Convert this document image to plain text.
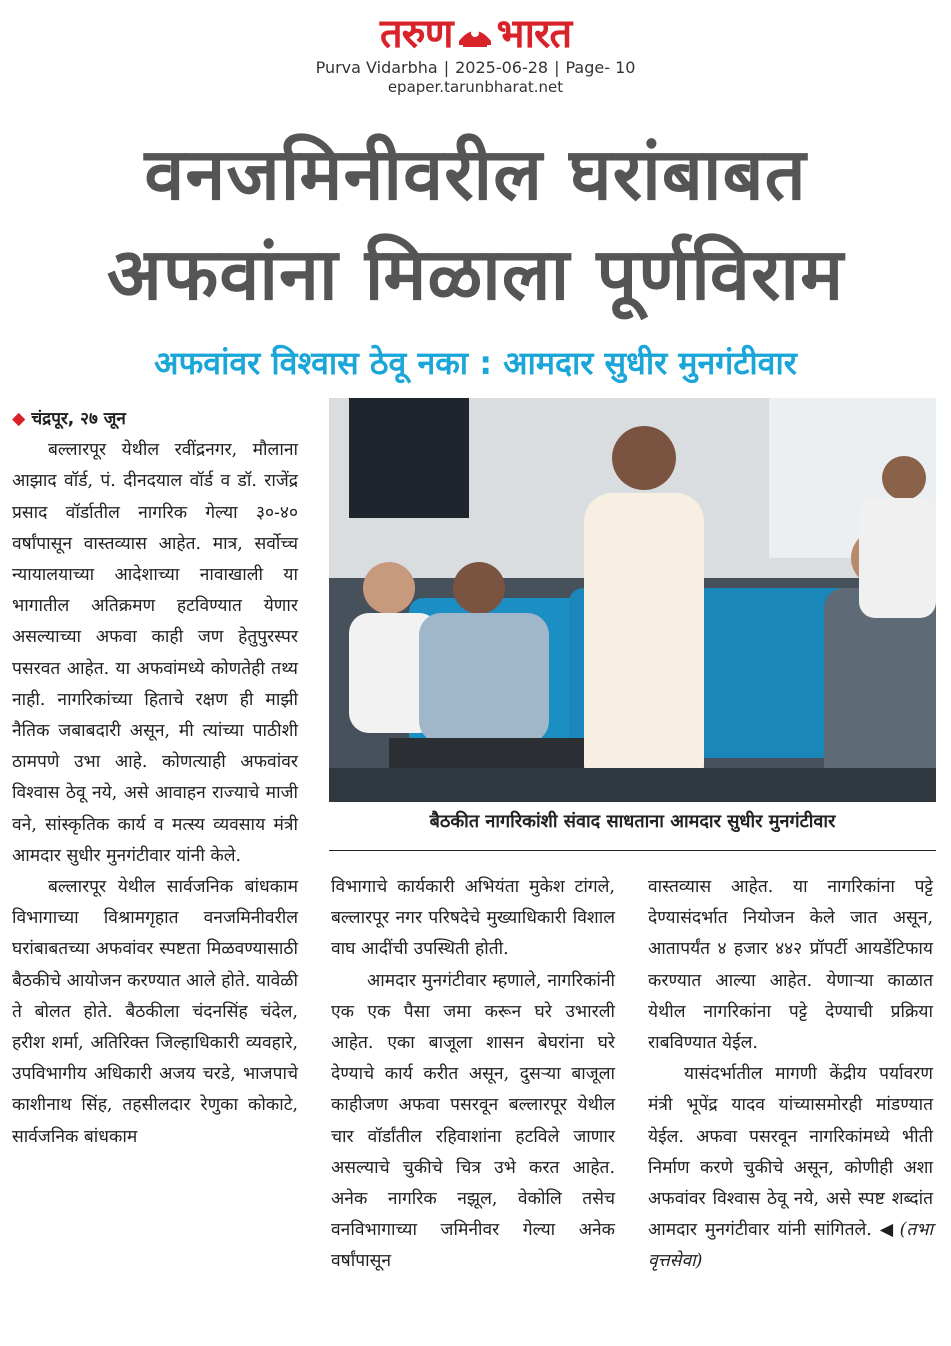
तरुण भारत
Purva Vidarbha | 2025-06-28 | Page- 10
epaper.tarunbharat.net
वनजमिनीवरील घरांबाबत
अफवांना मिळाला पूर्णविराम
अफवांवर विश्वास ठेवू नका : आमदार सुधीर मुनगंटीवार

◆ चंद्रपूर, २७ जून

बल्लारपूर येथील रवींद्रनगर, मौलाना आझाद वॉर्ड, पं. दीनदयाल वॉर्ड व डॉ. राजेंद्र प्रसाद वॉर्डातील नागरिक गेल्या ३०-४० वर्षांपासून वास्तव्यास आहेत. मात्र, सर्वोच्च न्यायालयाच्या आदेशाच्या नावाखाली या भागातील अतिक्रमण हटविण्यात येणार असल्याच्या अफवा काही जण हेतुपुरस्पर पसरवत आहेत. या अफवांमध्ये कोणतेही तथ्य नाही. नागरिकांच्या हिताचे रक्षण ही माझी नैतिक जबाबदारी असून, मी त्यांच्या पाठीशी ठामपणे उभा आहे. कोणत्याही अफवांवर विश्वास ठेवू नये, असे आवाहन राज्याचे माजी वने, सांस्कृतिक कार्य व मत्स्य व्यवसाय मंत्री आमदार सुधीर मुनगंटीवार यांनी केले.

बल्लारपूर येथील सार्वजनिक बांधकाम विभागाच्या विश्रामगृहात वनजमिनीवरील घरांबाबतच्या अफवांवर स्पष्टता मिळवण्यासाठी बैठकीचे आयोजन करण्यात आले होते. यावेळी ते बोलत होते. बैठकीला चंदनसिंह चंदेल, हरीश शर्मा, अतिरिक्त जिल्हाधिकारी व्यवहारे, उपविभागीय अधिकारी अजय चरडे, भाजपाचे काशीनाथ सिंह, तहसीलदार रेणुका कोकाटे, सार्वजनिक बांधकाम

बैठकीत नागरिकांशी संवाद साधताना आमदार सुधीर मुनगंटीवार

विभागाचे कार्यकारी अभियंता मुकेश टांगले, बल्लारपूर नगर परिषदेचे मुख्याधिकारी विशाल वाघ आदींची उपस्थिती होती.

आमदार मुनगंटीवार म्हणाले, नागरिकांनी एक एक पैसा जमा करून घरे उभारली आहेत. एका बाजूला शासन बेघरांना घरे देण्याचे कार्य करीत असून, दुसऱ्या बाजूला काहीजण अफवा पसरवून बल्लारपूर येथील चार वॉर्डांतील रहिवाशांना हटविले जाणार असल्याचे चुकीचे चित्र उभे करत आहेत. अनेक नागरिक नझूल, वेकोलि तसेच वनविभागाच्या जमिनीवर गेल्या अनेक वर्षांपासून

वास्तव्यास आहेत. या नागरिकांना पट्टे देण्यासंदर्भात नियोजन केले जात असून, आतापर्यंत ४ हजार ४४२ प्रॉपर्टी आयडेंटिफाय करण्यात आल्या आहेत. येणाऱ्या काळात येथील नागरिकांना पट्टे देण्याची प्रक्रिया राबविण्यात येईल.

यासंदर्भातील मागणी केंद्रीय पर्यावरण मंत्री भूपेंद्र यादव यांच्यासमोरही मांडण्यात येईल. अफवा पसरवून नागरिकांमध्ये भीती निर्माण करणे चुकीचे असून, कोणीही अशा अफवांवर विश्वास ठेवू नये, असे स्पष्ट शब्दांत आमदार मुनगंटीवार यांनी सांगितले. ◀ (तभा वृत्तसेवा)
